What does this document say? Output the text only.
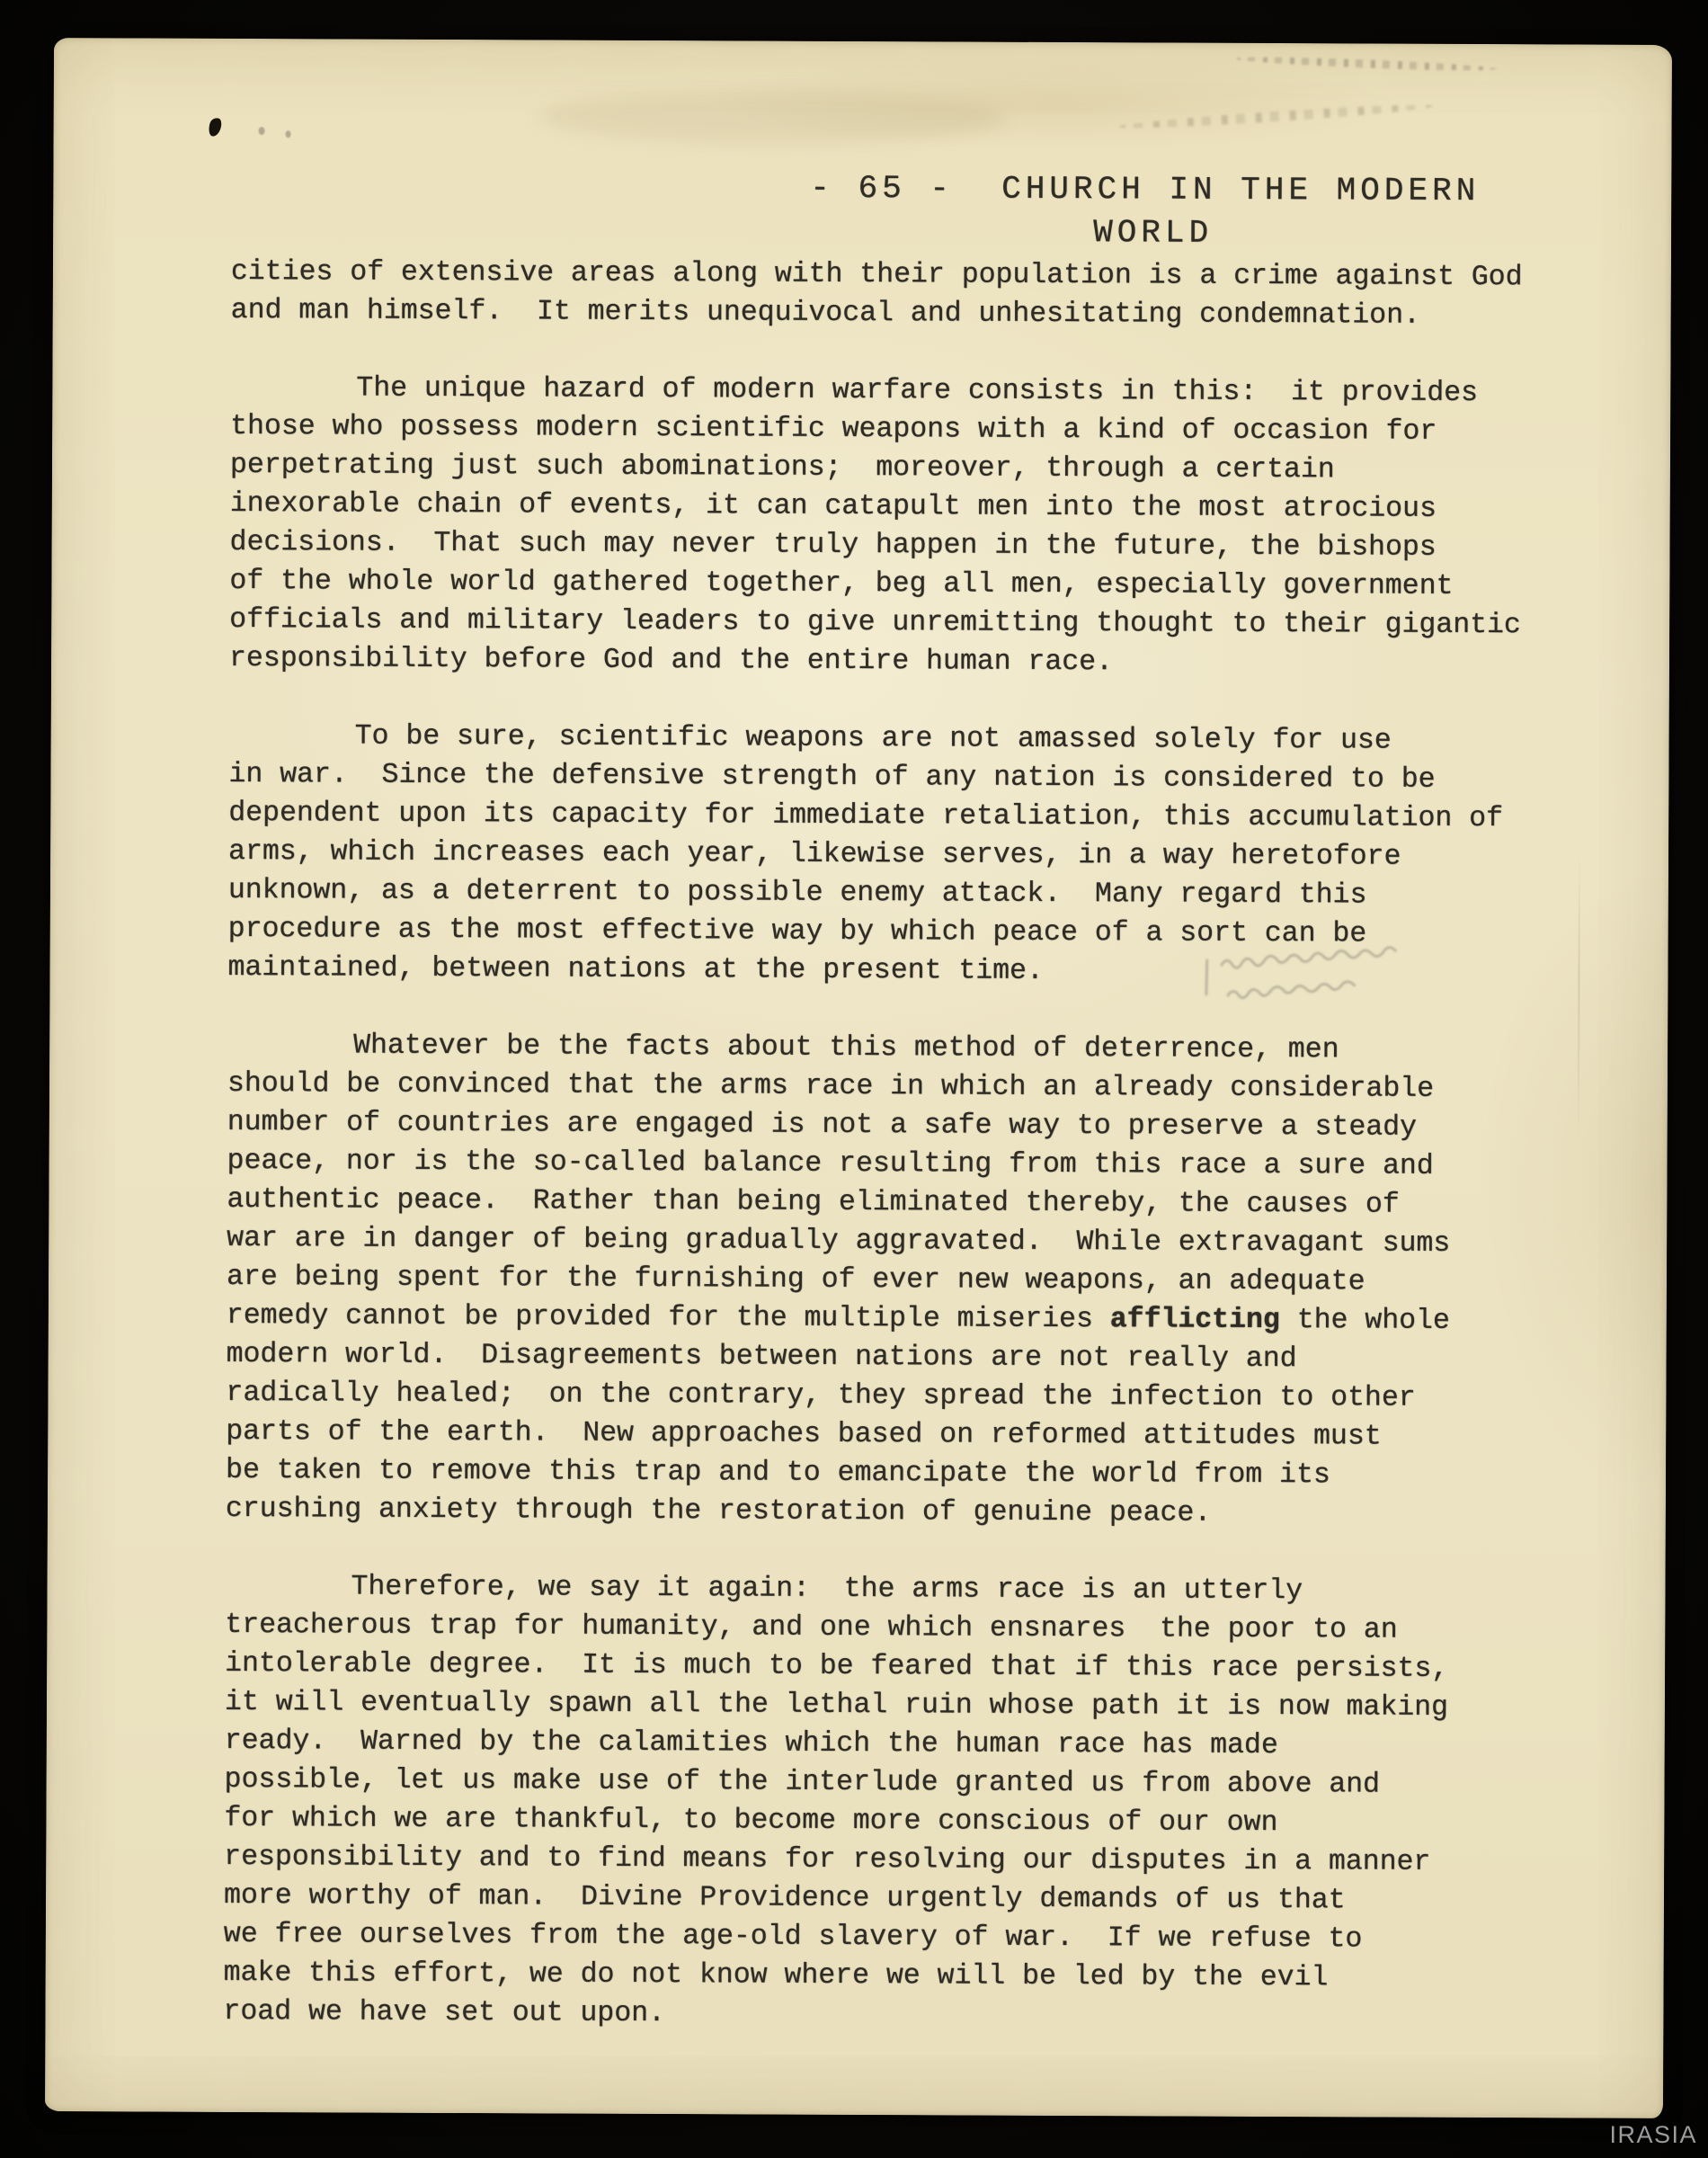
- 65 -  CHURCH IN THE MODERN
WORLD
cities of extensive areas along with their population is a crime against God
and man himself.  It merits unequivocal and unhesitating condemnation.
The unique hazard of modern warfare consists in this:  it provides
those who possess modern scientific weapons with a kind of occasion for
perpetrating just such abominations;  moreover, through a certain
inexorable chain of events, it can catapult men into the most atrocious
decisions.  That such may never truly happen in the future, the bishops
of the whole world gathered together, beg all men, especially government
officials and military leaders to give unremitting thought to their gigantic
responsibility before God and the entire human race.
To be sure, scientific weapons are not amassed solely for use
in war.  Since the defensive strength of any nation is considered to be
dependent upon its capacity for immediate retaliation, this accumulation of
arms, which increases each year, likewise serves, in a way heretofore
unknown, as a deterrent to possible enemy attack.  Many regard this
procedure as the most effective way by which peace of a sort can be
maintained, between nations at the present time.
Whatever be the facts about this method of deterrence, men
should be convinced that the arms race in which an already considerable
number of countries are engaged is not a safe way to preserve a steady
peace, nor is the so-called balance resulting from this race a sure and
authentic peace.  Rather than being eliminated thereby, the causes of
war are in danger of being gradually aggravated.  While extravagant sums
are being spent for the furnishing of ever new weapons, an adequate
remedy cannot be provided for the multiple miseries afflicting the whole
modern world.  Disagreements between nations are not really and
radically healed;  on the contrary, they spread the infection to other
parts of the earth.  New approaches based on reformed attitudes must
be taken to remove this trap and to emancipate the world from its
crushing anxiety through the restoration of genuine peace.
Therefore, we say it again:  the arms race is an utterly
treacherous trap for humanity, and one which ensnares  the poor to an
intolerable degree.  It is much to be feared that if this race persists,
it will eventually spawn all the lethal ruin whose path it is now making
ready.  Warned by the calamities which the human race has made
possible, let us make use of the interlude granted us from above and
for which we are thankful, to become more conscious of our own
responsibility and to find means for resolving our disputes in a manner
more worthy of man.  Divine Providence urgently demands of us that
we free ourselves from the age-old slavery of war.  If we refuse to
make this effort, we do not know where we will be led by the evil
road we have set out upon.
IRASIA
